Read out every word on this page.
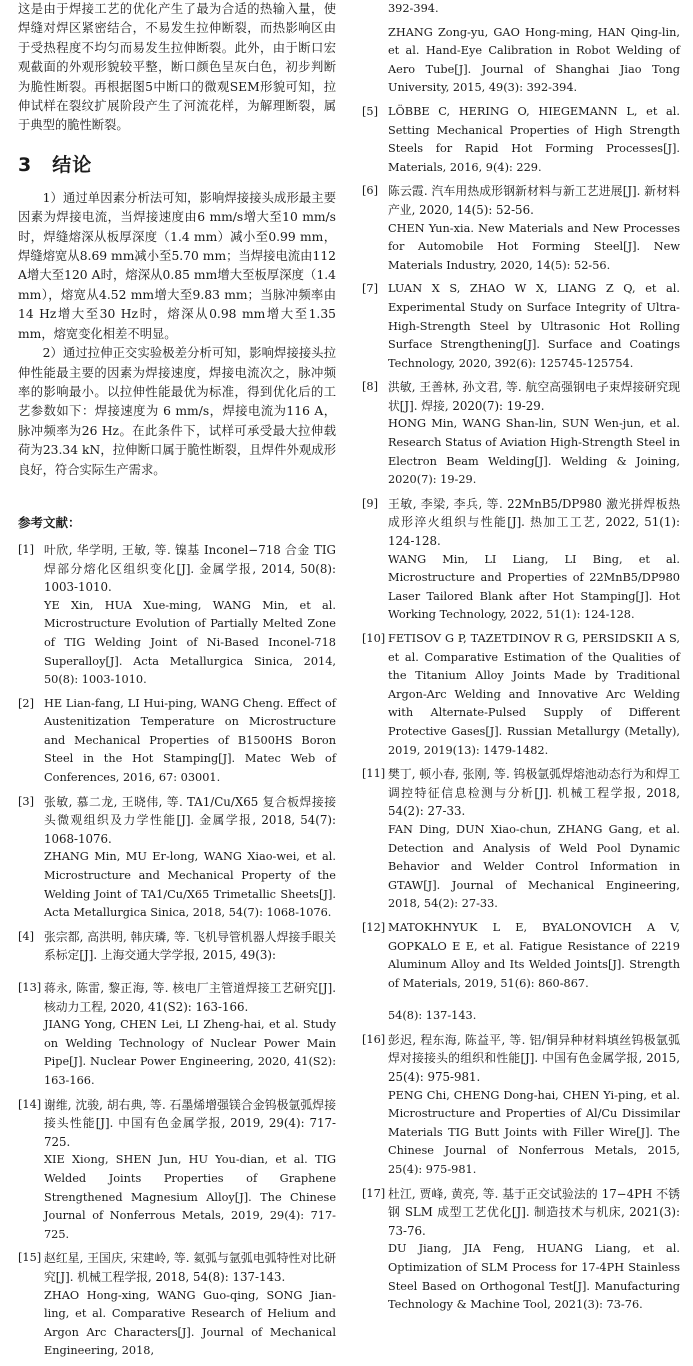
这是由于焊接工艺的优化产生了最为合适的热输入量，使焊缝对焊区紧密结合，不易发生拉伸断裂，而热影响区由于受热程度不均匀而易发生拉伸断裂。此外，由于断口宏观截面的外观形貌较平整，断口颜色呈灰白色，初步判断为脆性断裂。再根据图5中断口的微观SEM形貌可知，拉伸试样在裂纹扩展阶段产生了河流花样，为解理断裂，属于典型的脆性断裂。

3　结论

1）通过单因素分析法可知，影响焊接接头成形最主要因素为焊接电流，当焊接速度由6 mm/s增大至10 mm/s时，焊缝熔深从板厚深度（1.4 mm）减小至0.99 mm，焊缝熔宽从8.69 mm减小至5.70 mm；当焊接电流由112 A增大至120 A时，熔深从0.85 mm增大至板厚深度（1.4 mm），熔宽从4.52 mm增大至9.83 mm；当脉冲频率由14 Hz增大至30 Hz时，熔深从0.98 mm增大至1.35 mm，熔宽变化相差不明显。

2）通过拉伸正交实验极差分析可知，影响焊接接头拉伸性能最主要的因素为焊接速度，焊接电流次之，脉冲频率的影响最小。以拉伸性能最优为标准，得到优化后的工艺参数如下：焊接速度为 6 mm/s，焊接电流为116 A，脉冲频率为26 Hz。在此条件下，试样可承受最大拉伸载荷为23.34 kN，拉伸断口属于脆性断裂，且焊件外观成形良好，符合实际生产需求。

参考文献：
[1] 叶欣, 华学明, 王敏, 等. 镍基 Inconel−718 合金 TIG 焊部分熔化区组织变化[J]. 金属学报, 2014, 50(8): 1003-1010.

YE Xin, HUA Xue-ming, WANG Min, et al. Microstructure Evolution of Partially Melted Zone of TIG Welding Joint of Ni-Based Inconel-718 Superalloy[J]. Acta Metallurgica Sinica, 2014, 50(8): 1003-1010.

[2] HE Lian-fang, LI Hui-ping, WANG Cheng. Effect of Austenitization Temperature on Microstructure and Mechanical Properties of B1500HS Boron Steel in the Hot Stamping[J]. Matec Web of Conferences, 2016, 67: 03001.

[3] 张敏, 慕二龙, 王晓伟, 等. TA1/Cu/X65 复合板焊接接头微观组织及力学性能[J]. 金属学报, 2018, 54(7): 1068-1076.

ZHANG Min, MU Er-long, WANG Xiao-wei, et al. Microstructure and Mechanical Property of the Welding Joint of TA1/Cu/X65 Trimetallic Sheets[J]. Acta Metallurgica Sinica, 2018, 54(7): 1068-1076.

[4] 张宗都, 高洪明, 韩庆璘, 等. 飞机导管机器人焊接手眼关系标定[J]. 上海交通大学学报, 2015, 49(3):

[13] 蒋永, 陈雷, 黎正海, 等. 核电厂主管道焊接工艺研究[J]. 核动力工程, 2020, 41(S2): 163-166.

JIANG Yong, CHEN Lei, LI Zheng-hai, et al. Study on Welding Technology of Nuclear Power Main Pipe[J]. Nuclear Power Engineering, 2020, 41(S2): 163-166.

[14] 谢维, 沈骏, 胡右典, 等. 石墨烯增强镁合金钨极氩弧焊接接头性能[J]. 中国有色金属学报, 2019, 29(4): 717-725.

XIE Xiong, SHEN Jun, HU You-dian, et al. TIG Welded Joints Properties of Graphene Strengthened Magnesium Alloy[J]. The Chinese Journal of Nonferrous Metals, 2019, 29(4): 717-725.

[15] 赵红星, 王国庆, 宋建岭, 等. 氦弧与氩弧电弧特性对比研究[J]. 机械工程学报, 2018, 54(8): 137-143.

ZHAO Hong-xing, WANG Guo-qing, SONG Jian-ling, et al. Comparative Research of Helium and Argon Arc Characters[J]. Journal of Mechanical Engineering, 2018,

392-394.

ZHANG Zong-yu, GAO Hong-ming, HAN Qing-lin, et al. Hand-Eye Calibration in Robot Welding of Aero Tube[J]. Journal of Shanghai Jiao Tong University, 2015, 49(3): 392-394.

[5] LÖBBE C, HERING O, HIEGEMANN L, et al. Setting Mechanical Properties of High Strength Steels for Rapid Hot Forming Processes[J]. Materials, 2016, 9(4): 229.

[6] 陈云霞. 汽车用热成形钢新材料与新工艺进展[J]. 新材料产业, 2020, 14(5): 52-56.

CHEN Yun-xia. New Materials and New Processes for Automobile Hot Forming Steel[J]. New Materials Industry, 2020, 14(5): 52-56.

[7] LUAN X S, ZHAO W X, LIANG Z Q, et al. Experimental Study on Surface Integrity of Ultra-High-Strength Steel by Ultrasonic Hot Rolling Surface Strengthening[J]. Surface and Coatings Technology, 2020, 392(6): 125745-125754.

[8] 洪敏, 王善林, 孙文君, 等. 航空高强钢电子束焊接研究现状[J]. 焊接, 2020(7): 19-29.

HONG Min, WANG Shan-lin, SUN Wen-jun, et al. Research Status of Aviation High-Strength Steel in Electron Beam Welding[J]. Welding & Joining, 2020(7): 19-29.

[9] 王敏, 李梁, 李兵, 等. 22MnB5/DP980 激光拼焊板热成形淬火组织与性能[J]. 热加工工艺, 2022, 51(1): 124-128.

WANG Min, LI Liang, LI Bing, et al. Microstructure and Properties of 22MnB5/DP980 Laser Tailored Blank after Hot Stamping[J]. Hot Working Technology, 2022, 51(1): 124-128.

[10] FETISOV G P, TAZETDINOV R G, PERSIDSKII A S, et al. Comparative Estimation of the Qualities of the Titanium Alloy Joints Made by Traditional Argon-Arc Welding and Innovative Arc Welding with Alternate-Pulsed Supply of Different Protective Gases[J]. Russian Metallurgy (Metally), 2019, 2019(13): 1479-1482.

[11] 樊丁, 顿小春, 张刚, 等. 钨极氩弧焊熔池动态行为和焊工调控特征信息检测与分析[J]. 机械工程学报, 2018, 54(2): 27-33.

FAN Ding, DUN Xiao-chun, ZHANG Gang, et al. Detection and Analysis of Weld Pool Dynamic Behavior and Welder Control Information in GTAW[J]. Journal of Mechanical Engineering, 2018, 54(2): 27-33.

[12] MATOKHNYUK L E, BYALONOVICH A V, GOPKALO E E, et al. Fatigue Resistance of 2219 Aluminum Alloy and Its Welded Joints[J]. Strength of Materials, 2019, 51(6): 860-867.

54(8): 137-143.

[16] 彭迟, 程东海, 陈益平, 等. 铝/铜异种材料填丝钨极氩弧焊对接接头的组织和性能[J]. 中国有色金属学报, 2015, 25(4): 975-981.

PENG Chi, CHENG Dong-hai, CHEN Yi-ping, et al. Microstructure and Properties of Al/Cu Dissimilar Materials TIG Butt Joints with Filler Wire[J]. The Chinese Journal of Nonferrous Metals, 2015, 25(4): 975-981.

[17] 杜江, 贾峰, 黄亮, 等. 基于正交试验法的 17−4PH 不锈钢 SLM 成型工艺优化[J]. 制造技术与机床, 2021(3): 73-76.

DU Jiang, JIA Feng, HUANG Liang, et al. Optimization of SLM Process for 17-4PH Stainless Steel Based on Orthogonal Test[J]. Manufacturing Technology & Machine Tool, 2021(3): 73-76.
